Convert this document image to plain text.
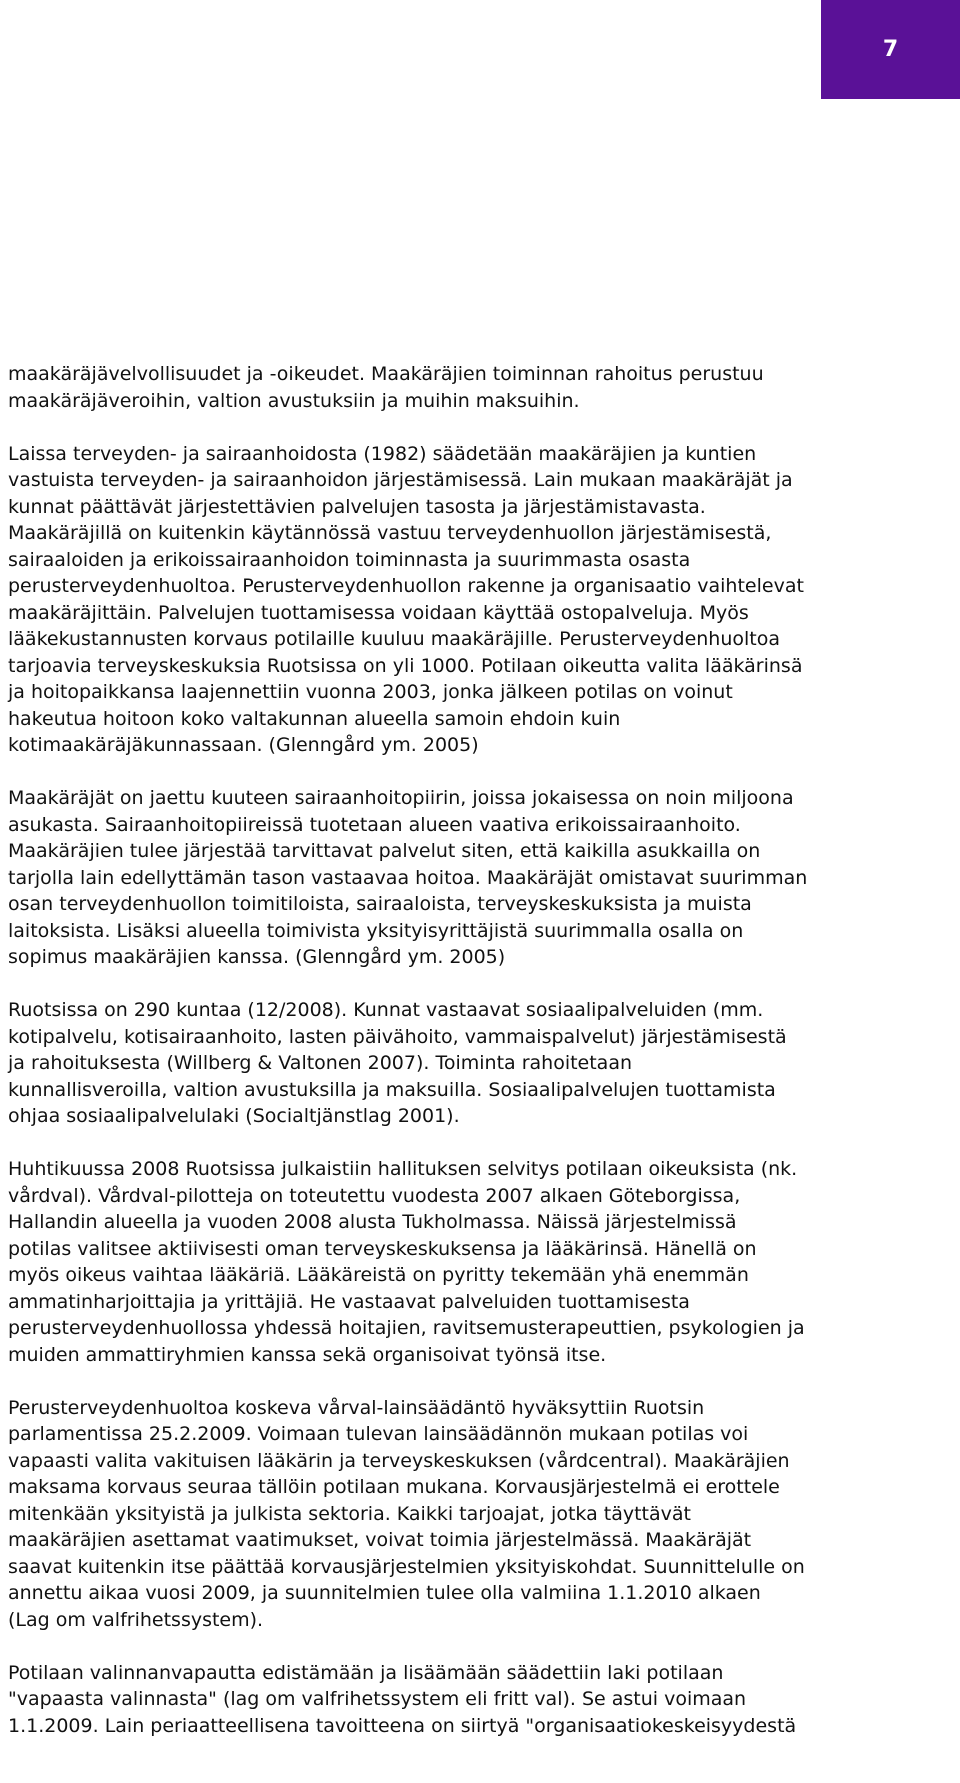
7
maakäräjävelvollisuudet ja -oikeudet. Maakäräjien toiminnan rahoitus perustuu
maakäräjäveroihin, valtion avustuksiin ja muihin maksuihin.
Laissa terveyden- ja sairaanhoidosta (1982) säädetään maakäräjien ja kuntien
vastuista terveyden- ja sairaanhoidon järjestämisessä. Lain mukaan maakäräjät ja
kunnat päättävät järjestettävien palvelujen tasosta ja järjestämistavasta.
Maakäräjillä on kuitenkin käytännössä vastuu terveydenhuollon järjestämisestä,
sairaaloiden ja erikoissairaanhoidon toiminnasta ja suurimmasta osasta
perusterveydenhuoltoa. Perusterveydenhuollon rakenne ja organisaatio vaihtelevat
maakäräjittäin. Palvelujen tuottamisessa voidaan käyttää ostopalveluja. Myös
lääkekustannusten korvaus potilaille kuuluu maakäräjille. Perusterveydenhuoltoa
tarjoavia terveyskeskuksia Ruotsissa on yli 1000. Potilaan oikeutta valita lääkärinsä
ja hoitopaikkansa laajennettiin vuonna 2003, jonka jälkeen potilas on voinut
hakeutua hoitoon koko valtakunnan alueella samoin ehdoin kuin
kotimaakäräjäkunnassaan. (Glenngård ym. 2005)
Maakäräjät on jaettu kuuteen sairaanhoitopiirin, joissa jokaisessa on noin miljoona
asukasta. Sairaanhoitopiireissä tuotetaan alueen vaativa erikoissairaanhoito.
Maakäräjien tulee järjestää tarvittavat palvelut siten, että kaikilla asukkailla on
tarjolla lain edellyttämän tason vastaavaa hoitoa. Maakäräjät omistavat suurimman
osan terveydenhuollon toimitiloista, sairaaloista, terveyskeskuksista ja muista
laitoksista. Lisäksi alueella toimivista yksityisyrittäjistä suurimmalla osalla on
sopimus maakäräjien kanssa. (Glenngård ym. 2005)
Ruotsissa on 290 kuntaa (12/2008). Kunnat vastaavat sosiaalipalveluiden (mm.
kotipalvelu, kotisairaanhoito, lasten päivähoito, vammaispalvelut) järjestämisestä
ja rahoituksesta (Willberg & Valtonen 2007). Toiminta rahoitetaan
kunnallisveroilla, valtion avustuksilla ja maksuilla. Sosiaalipalvelujen tuottamista
ohjaa sosiaalipalvelulaki (Socialtjänstlag 2001).
Huhtikuussa 2008 Ruotsissa julkaistiin hallituksen selvitys potilaan oikeuksista (nk.
vårdval). Vårdval-pilotteja on toteutettu vuodesta 2007 alkaen Göteborgissa,
Hallandin alueella ja vuoden 2008 alusta Tukholmassa. Näissä järjestelmissä
potilas valitsee aktiivisesti oman terveyskeskuksensa ja lääkärinsä. Hänellä on
myös oikeus vaihtaa lääkäriä. Lääkäreistä on pyritty tekemään yhä enemmän
ammatinharjoittajia ja yrittäjiä. He vastaavat palveluiden tuottamisesta
perusterveydenhuollossa yhdessä hoitajien, ravitsemusterapeuttien, psykologien ja
muiden ammattiryhmien kanssa sekä organisoivat työnsä itse.
Perusterveydenhuoltoa koskeva vårval-lainsäädäntö hyväksyttiin Ruotsin
parlamentissa 25.2.2009. Voimaan tulevan lainsäädännön mukaan potilas voi
vapaasti valita vakituisen lääkärin ja terveyskeskuksen (vårdcentral). Maakäräjien
maksama korvaus seuraa tällöin potilaan mukana. Korvausjärjestelmä ei erottele
mitenkään yksityistä ja julkista sektoria. Kaikki tarjoajat, jotka täyttävät
maakäräjien asettamat vaatimukset, voivat toimia järjestelmässä. Maakäräjät
saavat kuitenkin itse päättää korvausjärjestelmien yksityiskohdat. Suunnittelulle on
annettu aikaa vuosi 2009, ja suunnitelmien tulee olla valmiina 1.1.2010 alkaen
(Lag om valfrihetssystem).
Potilaan valinnanvapautta edistämään ja lisäämään säädettiin laki potilaan
"vapaasta valinnasta" (lag om valfrihetssystem eli fritt val). Se astui voimaan
1.1.2009. Lain periaatteellisena tavoitteena on siirtyä "organisaatiokeskeisyydestä
